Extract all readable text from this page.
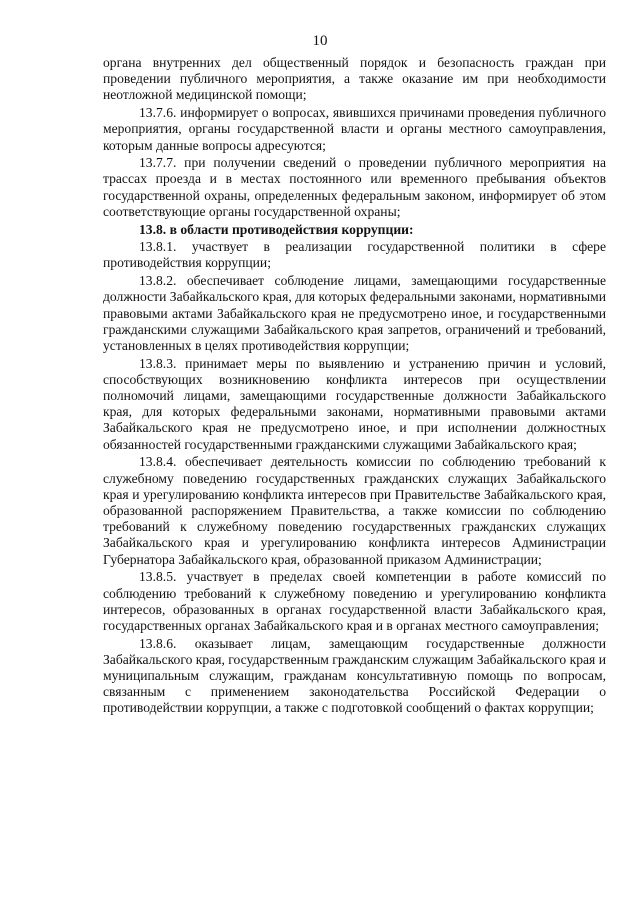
10

органа внутренних дел общественный порядок и безопасность граждан при проведении публичного мероприятия, а также оказание им при необходимости неотложной медицинской помощи;

13.7.6. информирует о вопросах, явившихся причинами проведения публичного мероприятия, органы государственной власти и органы местного самоуправления, которым данные вопросы адресуются;

13.7.7. при получении сведений о проведении публичного мероприятия на трассах проезда и в местах постоянного или временного пребывания объектов государственной охраны, определенных федеральным законом, информирует об этом соответствующие органы государственной охраны;

13.8. в области противодействия коррупции:

13.8.1. участвует в реализации государственной политики в сфере противодействия коррупции;

13.8.2. обеспечивает соблюдение лицами, замещающими государственные должности Забайкальского края, для которых федеральными законами, нормативными правовыми актами Забайкальского края не предусмотрено иное, и государственными гражданскими служащими Забайкальского края запретов, ограничений и требований, установленных в целях противодействия коррупции;

13.8.3. принимает меры по выявлению и устранению причин и условий, способствующих возникновению конфликта интересов при осуществлении полномочий лицами, замещающими государственные должности Забайкальского края, для которых федеральными законами, нормативными правовыми актами Забайкальского края не предусмотрено иное, и при исполнении должностных обязанностей государственными гражданскими служащими Забайкальского края;

13.8.4. обеспечивает деятельность комиссии по соблюдению требований к служебному поведению государственных гражданских служащих Забайкальского края и урегулированию конфликта интересов при Правительстве Забайкальского края, образованной распоряжением Правительства, а также комиссии по соблюдению требований к служебному поведению государственных гражданских служащих Забайкальского края и урегулированию конфликта интересов Администрации Губернатора Забайкальского края, образованной приказом Администрации;

13.8.5. участвует в пределах своей компетенции в работе комиссий по соблюдению требований к служебному поведению и урегулированию конфликта интересов, образованных в органах государственной власти Забайкальского края, государственных органах Забайкальского края и в органах местного самоуправления;

13.8.6. оказывает лицам, замещающим государственные должности Забайкальского края, государственным гражданским служащим Забайкальского края и муниципальным служащим, гражданам консультативную помощь по вопросам, связанным с применением законодательства Российской Федерации о противодействии коррупции, а также с подготовкой сообщений о фактах коррупции;
